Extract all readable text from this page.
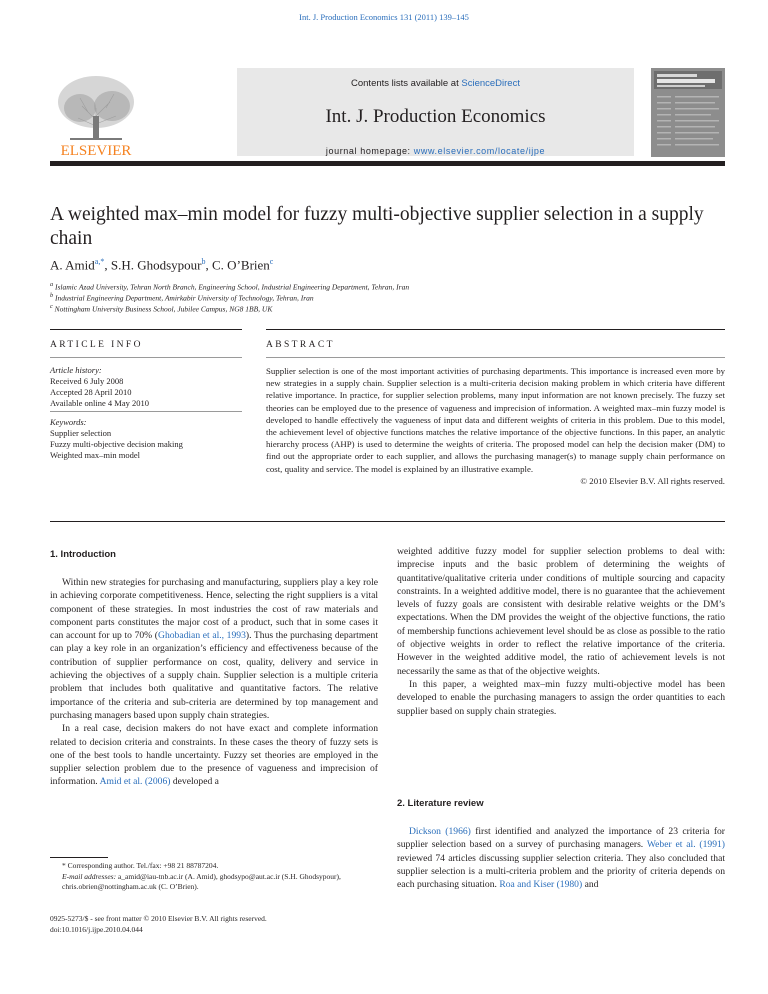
Int. J. Production Economics 131 (2011) 139–145
ELSEVIER
Contents lists available at ScienceDirect
Int. J. Production Economics
journal homepage: www.elsevier.com/locate/ijpe
A weighted max–min model for fuzzy multi-objective supplier selection in a supply chain
A. Amid$^{a,*}$, S.H. Ghodsypour$^b$, C. O’Brien$^c$
$^a$ Islamic Azad University, Tehran North Branch, Engineering School, Industrial Engineering Department, Tehran, Iran
$^b$ Industrial Engineering Department, Amirkabir University of Technology, Tehran, Iran
$^c$ Nottingham University Business School, Jubilee Campus, NG8 1BB, UK
ARTICLE INFO	ABSTRACT
Article history:
Received 6 July 2008
Accepted 28 April 2010
Available online 4 May 2010
Keywords:
Supplier selection
Fuzzy multi-objective decision making
Weighted max–min model

Supplier selection is one of the most important activities of purchasing departments. This importance is increased even more by new strategies in a supply chain. Supplier selection is a multi-criteria decision making problem in which criteria have different relative importance. In practice, for supplier selection problems, many input information are not known precisely. The fuzzy set theories can be employed due to the presence of vagueness and imprecision of information. A weighted max–min fuzzy model is developed to handle effectively the vagueness of input data and different weights of criteria in this problem. Due to this model, the achievement level of objective functions matches the relative importance of the objective functions. In this paper, an analytic hierarchy process (AHP) is used to determine the weights of criteria. The proposed model can help the decision maker (DM) to find out the appropriate order to each supplier, and allows the purchasing manager(s) to manage supply chain performance on cost, quality and service. The model is explained by an illustrative example.

© 2010 Elsevier B.V. All rights reserved.
1. Introduction

Within new strategies for purchasing and manufacturing, suppliers play a key role in achieving corporate competitiveness. Hence, selecting the right suppliers is a vital component of these strategies. In most industries the cost of raw materials and component parts constitutes the major cost of a product, such that in some cases it can account for up to 70% (Ghobadian et al., 1993). Thus the purchasing department can play a key role in an organization’s efficiency and effectiveness because of the contribution of supplier performance on cost, quality, delivery and service in achieving the objectives of a supply chain. Supplier selection is a multiple criteria problem that includes both qualitative and quantitative factors. The relative importance of the criteria and sub-criteria are determined by top management and purchasing managers based upon supply chain strategies.

In a real case, decision makers do not have exact and complete information related to decision criteria and constraints. In these cases the theory of fuzzy sets is one of the best tools to handle uncertainty. Fuzzy set theories are employed in the supplier selection problem due to the presence of vagueness and imprecision of information. Amid et al. (2006) developed a

* Corresponding author. Tel./fax: +98 21 88787204.
E-mail addresses: a_amid@iau-tnb.ac.ir (A. Amid), ghodsypo@aut.ac.ir (S.H. Ghodsypour), chris.obrien@nottingham.ac.uk (C. O’Brien).
0925-5273/$ - see front matter © 2010 Elsevier B.V. All rights reserved.
doi:10.1016/j.ijpe.2010.04.044

weighted additive fuzzy model for supplier selection problems to deal with: imprecise inputs and the basic problem of determining the weights of quantitative/qualitative criteria under conditions of multiple sourcing and capacity constraints. In a weighted additive model, there is no guarantee that the achievement levels of fuzzy goals are consistent with desirable relative weights or the DM’s expectations. When the DM provides the weight of the objective functions, the ratio of membership functions achievement level should be as close as possible to the ratio of objective weights in order to reflect the relative importance of the criteria. However in the weighted additive model, the ratio of achievement levels is not necessarily the same as that of the objective weights.

In this paper, a weighted max–min fuzzy multi-objective model has been developed to enable the purchasing managers to assign the order quantities to each supplier based on supply chain strategies.

2. Literature review

Dickson (1966) first identified and analyzed the importance of 23 criteria for supplier selection based on a survey of purchasing managers. Weber et al. (1991) reviewed 74 articles discussing supplier selection criteria. They also concluded that supplier selection is a multi-criteria problem and the priority of criteria depends on each purchasing situation. Roa and Kiser (1980) and
